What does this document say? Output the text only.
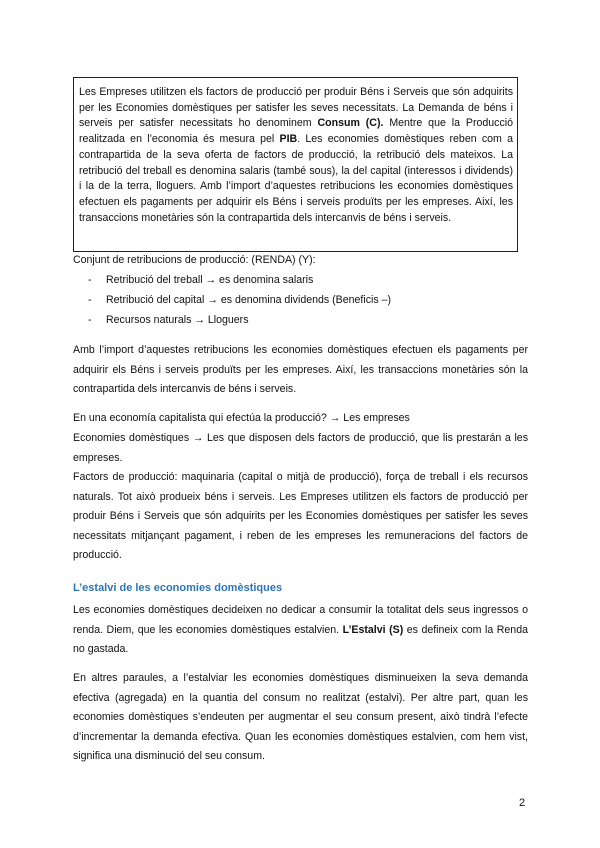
Les Empreses utilitzen els factors de producció per produir Béns i Serveis que són adquirits per les Economies domèstiques per satisfer les seves necessitats. La Demanda de béns i serveis per satisfer necessitats ho denominem Consum (C). Mentre que la Producció realitzada en l’economia és mesura pel PIB. Les economies domèstiques reben com a contrapartida de la seva oferta de factors de producció, la retribució dels mateixos. La retribució del treball es denomina salaris (també sous), la del capital (interessos i dividends) i la de la terra, lloguers. Amb l’import d’aquestes retribucions les economies domèstiques efectuen els pagaments per adquirir els Béns i serveis produïts per les empreses. Així, les transaccions monetàries són la contrapartida dels intercanvis de béns i serveis.
Conjunt de retribucions de producció: (RENDA) (Y):
- Retribució del treball → es denomina salaris
- Retribució del capital → es denomina dividends (Beneficis –)
- Recursos naturals → Lloguers

Amb l’import d’aquestes retribucions les economies domèstiques efectuen els pagaments per adquirir els Béns i serveis produïts per les empreses. Així, les transaccions monetàries són la contrapartida dels intercanvis de béns i serveis.

En una economía capitalista qui efectúa la producció? → Les empreses

Economies domèstiques → Les que disposen dels factors de producció, que lis prestarán a les empreses.

Factors de producció: maquinaria (capital o mitjà de producció), força de treball i els recursos naturals. Tot això produeix béns i serveis. Les Empreses utilitzen els factors de producció per produir Béns i Serveis que són adquirits per les Economies domèstiques per satisfer les seves necessitats mitjançant pagament, i reben de les empreses les remuneracions del factors de producció.

L’estalvi de les economies domèstiques

Les economies domèstiques decideixen no dedicar a consumir la totalitat dels seus ingressos o renda. Diem, que les economies domèstiques estalvien. L’Estalvi (S) es defineix com la Renda no gastada.

En altres paraules, a l’estalviar les economies domèstiques disminueixen la seva demanda efectiva (agregada) en la quantia del consum no realitzat (estalvi). Per altre part, quan les economies domèstiques s’endeuten per augmentar el seu consum present, això tindrà l’efecte d’incrementar la demanda efectiva. Quan les economies domèstiques estalvien, com hem vist, significa una disminució del seu consum.

2
